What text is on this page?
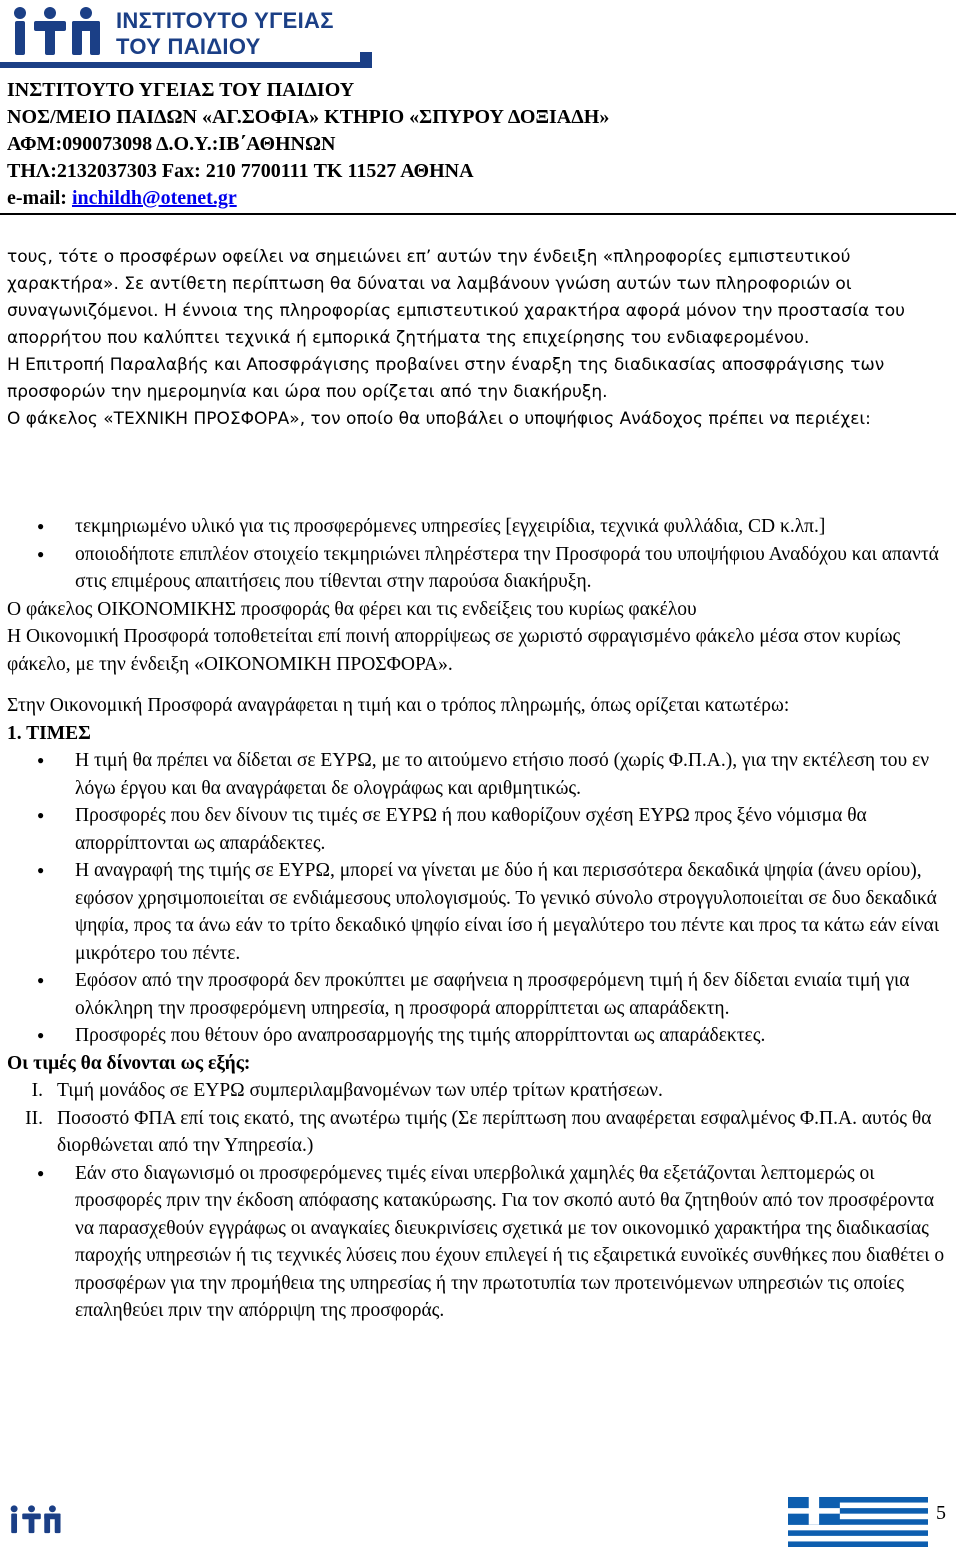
ΙΝΣΤΙΤΟΥΤΟ ΥΓΕΙΑΣ
ΤΟΥ ΠΑΙΔΙΟΥ
ΙΝΣΤΙΤΟΥΤΟ ΥΓΕΙΑΣ ΤΟΥ ΠΑΙΔΙΟΥ
ΝΟΣ/ΜΕΙΟ ΠΑΙΔΩΝ «ΑΓ.ΣΟΦΙΑ» ΚΤΗΡΙΟ «ΣΠΥΡΟΥ ΔΟΞΙΑΔΗ»
ΑΦΜ:090073098 Δ.Ο.Υ.:ΙΒ΄ΑΘΗΝΩΝ
ΤΗΛ:2132037303 Fax: 210 7700111 ΤΚ 11527 ΑΘΗΝΑ
e-mail: inchildh@otenet.gr

τους, τότε ο προσφέρων οφείλει να σημειώνει επ’ αυτών την ένδειξη «πληροφορίες εμπιστευτικού χαρακτήρα». Σε αντίθετη περίπτωση θα δύναται να λαμβάνουν γνώση αυτών των πληροφοριών οι συναγωνιζόμενοι. Η έννοια της πληροφορίας εμπιστευτικού χαρακτήρα αφορά μόνον την προστασία του απορρήτου που καλύπτει τεχνικά ή εμπορικά ζητήματα της επιχείρησης του ενδιαφερομένου.

Η Επιτροπή Παραλαβής και Αποσφράγισης προβαίνει στην έναρξη της διαδικασίας αποσφράγισης των προσφορών την ημερομηνία και ώρα που ορίζεται από την διακήρυξη.

Ο φάκελος «ΤΕΧΝΙΚΗ ΠΡΟΣΦΟΡΑ», τον οποίο θα υποβάλει ο υποψήφιος Ανάδοχος πρέπει να περιέχει:

● τεκμηριωμένο υλικό για τις προσφερόμενες υπηρεσίες [εγχειρίδια, τεχνικά φυλλάδια, CD κ.λπ.]

● οποιοδήποτε επιπλέον στοιχείο τεκμηριώνει πληρέστερα την Προσφορά του υποψήφιου Αναδόχου και απαντά στις επιμέρους απαιτήσεις που τίθενται στην παρούσα διακήρυξη.

Ο φάκελος ΟΙΚΟΝΟΜΙΚΗΣ προσφοράς θα φέρει και τις ενδείξεις του κυρίως φακέλου

Η Οικονομική Προσφορά τοποθετείται επί ποινή απορρίψεως σε χωριστό σφραγισμένο φάκελο μέσα στον κυρίως φάκελο, με την ένδειξη «ΟΙΚΟΝΟΜΙΚΗ ΠΡΟΣΦΟΡΑ».

Στην Οικονομική Προσφορά αναγράφεται η τιμή και ο τρόπος πληρωμής, όπως ορίζεται κατωτέρω:

1. ΤΙΜΕΣ

● Η τιμή θα πρέπει να δίδεται σε ΕΥΡΩ, με το αιτούμενο ετήσιο ποσό (χωρίς Φ.Π.Α.), για την εκτέλεση του εν λόγω έργου και θα αναγράφεται δε ολογράφως και αριθμητικώς.

● Προσφορές που δεν δίνουν τις τιμές σε ΕΥΡΩ ή που καθορίζουν σχέση ΕΥΡΩ προς ξένο νόμισμα θα απορρίπτονται ως απαράδεκτες.

● Η αναγραφή της τιμής σε ΕΥΡΩ, μπορεί να γίνεται με δύο ή και περισσότερα δεκαδικά ψηφία (άνευ ορίου), εφόσον χρησιμοποιείται σε ενδιάμεσους υπολογισμούς. Το γενικό σύνολο στρογγυλοποιείται σε δυο δεκαδικά ψηφία, προς τα άνω εάν το τρίτο δεκαδικό ψηφίο είναι ίσο ή μεγαλύτερο του πέντε και προς τα κάτω εάν είναι μικρότερο του πέντε.

● Εφόσον από την προσφορά δεν προκύπτει με σαφήνεια η προσφερόμενη τιμή ή δεν δίδεται ενιαία τιμή για ολόκληρη την προσφερόμενη υπηρεσία, η προσφορά απορρίπτεται ως απαράδεκτη.

● Προσφορές που θέτουν όρο αναπροσαρμογής της τιμής απορρίπτονται ως απαράδεκτες.

Οι τιμές θα δίνονται ως εξής:

I. Τιμή μονάδος σε ΕΥΡΩ συμπεριλαμβανομένων των υπέρ τρίτων κρατήσεων.

II. Ποσοστό ΦΠΑ επί τοις εκατό, της ανωτέρω τιμής (Σε περίπτωση που αναφέρεται εσφαλμένος Φ.Π.Α. αυτός θα διορθώνεται από την Υπηρεσία.)

● Εάν στο διαγωνισμό οι προσφερόμενες τιμές είναι υπερβολικά χαμηλές θα εξετάζονται λεπτομερώς οι προσφορές πριν την έκδοση απόφασης κατακύρωσης. Για τον σκοπό αυτό θα ζητηθούν από τον προσφέροντα να παρασχεθούν εγγράφως οι αναγκαίες διευκρινίσεις σχετικά με τον οικονομικό χαρακτήρα της διαδικασίας παροχής υπηρεσιών ή τις τεχνικές λύσεις που έχουν επιλεγεί ή τις εξαιρετικά ευνοϊκές συνθήκες που διαθέτει ο προσφέρων για την προμήθεια της υπηρεσίας ή την πρωτοτυπία των προτεινόμενων υπηρεσιών τις οποίες επαληθεύει πριν την απόρριψη της προσφοράς.

5
